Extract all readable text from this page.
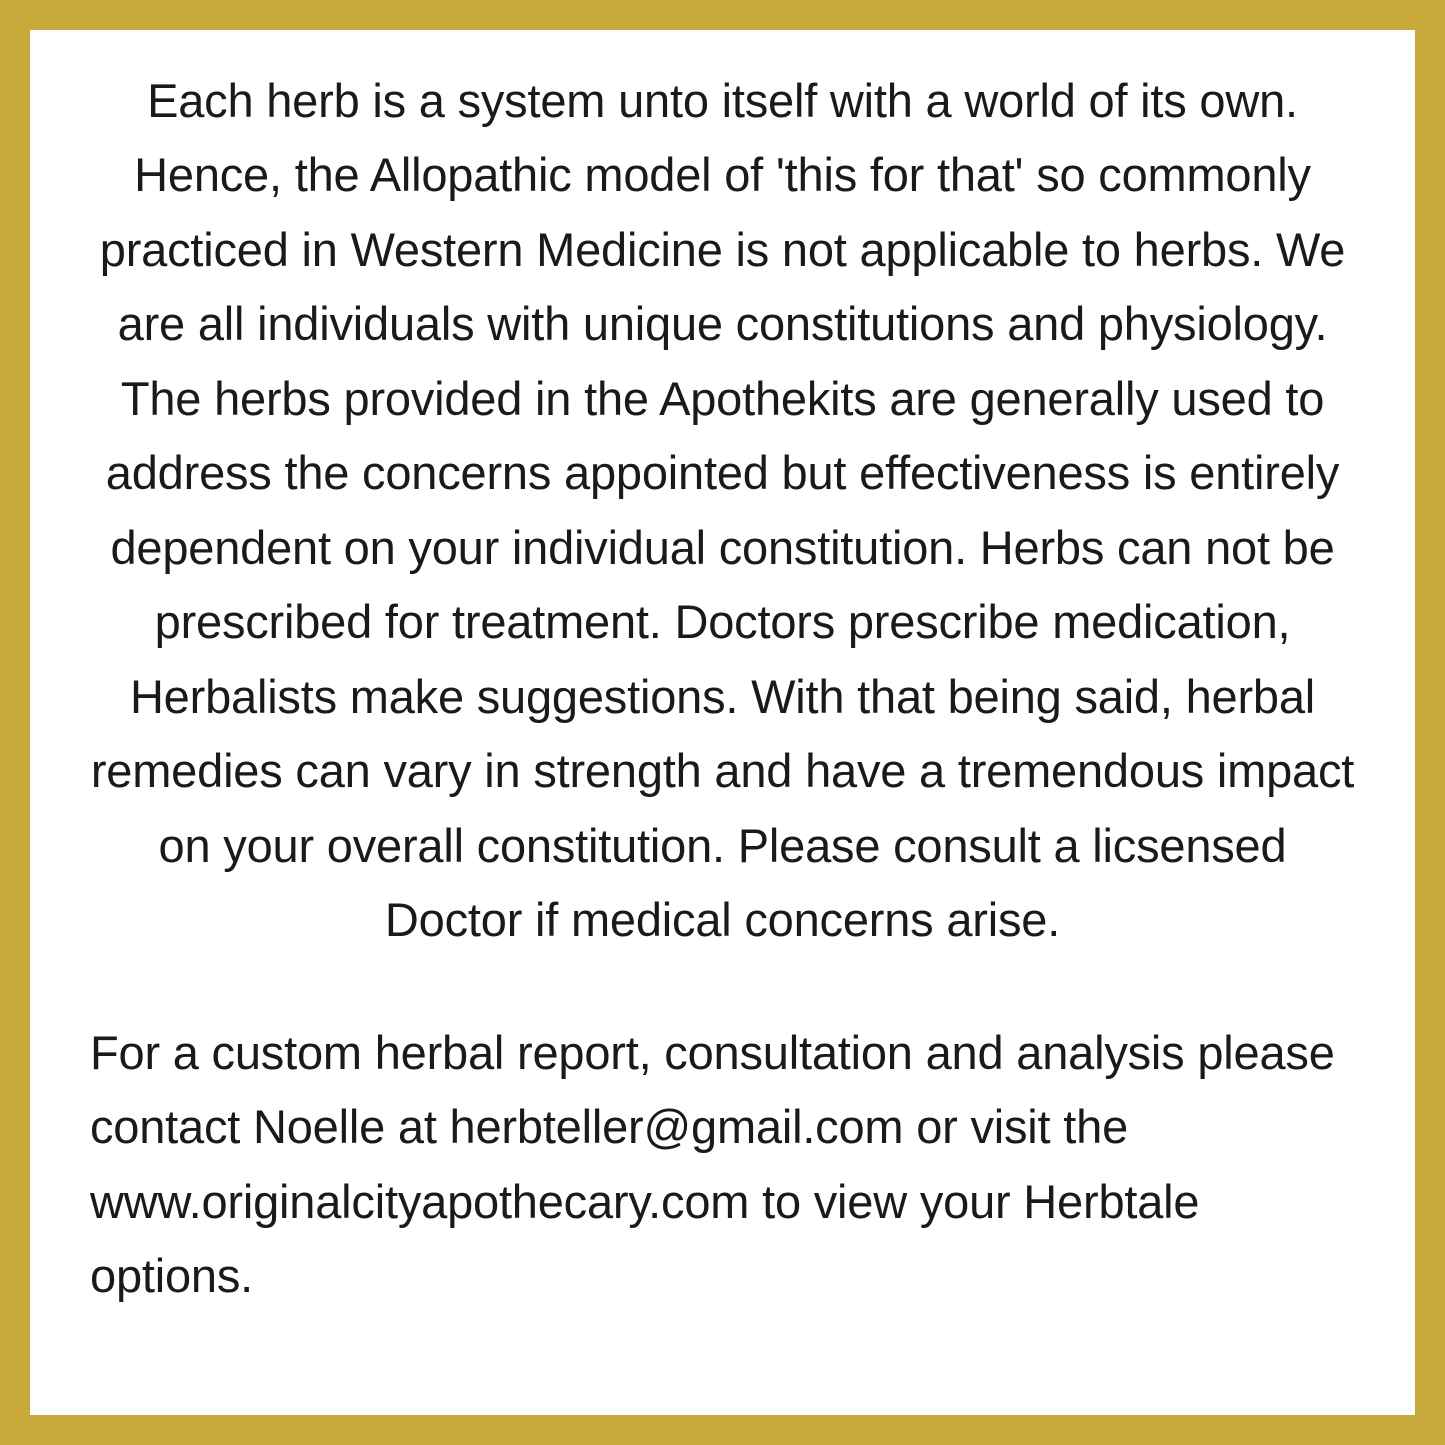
Each herb is a system unto itself with a world of its own. Hence, the Allopathic model of 'this for that' so commonly practiced in Western Medicine is not applicable to herbs. We are all individuals with unique constitutions and physiology. The herbs provided in the Apothekits are generally used to address the concerns appointed but effectiveness is entirely dependent on your individual constitution. Herbs can not be prescribed for treatment. Doctors prescribe medication, Herbalists make suggestions. With that being said, herbal remedies can vary in strength and have a tremendous impact on your overall constitution. Please consult a licsensed Doctor if medical concerns arise.

For a custom herbal report, consultation and analysis please contact Noelle at herbteller@gmail.com or visit the www.originalcityapothecary.com to view your Herbtale options.
